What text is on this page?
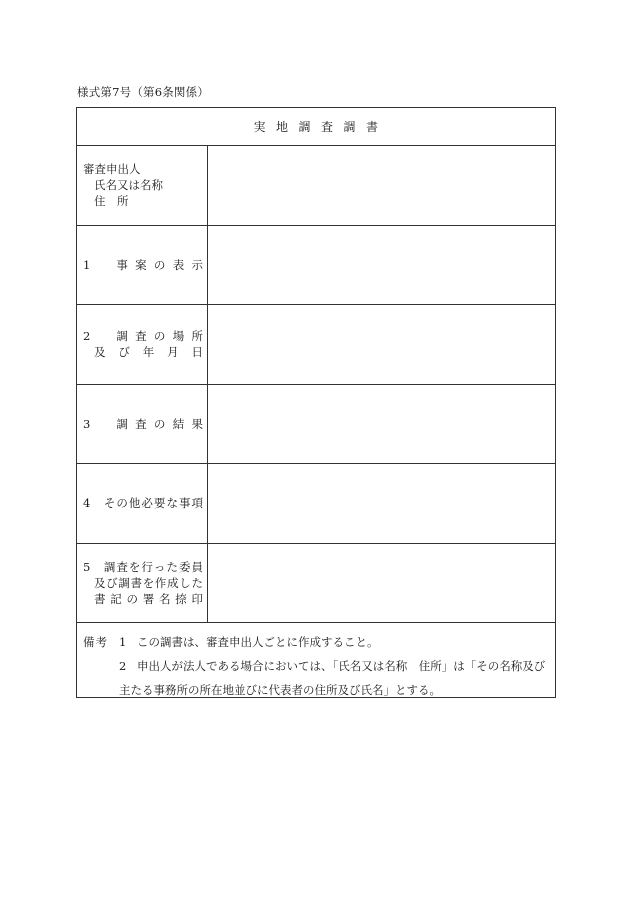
様式第7号（第6条関係）
実地調査調書
審査申出人
氏名又は名称
住　所
1　事案の表示
2　調査の場所
及び年月日
3　調査の結果
4　その他必要な事項
5　調査を行った委員
及び調書を作成した
書記の署名捺印
備考 1 この調書は、審査申出人ごとに作成すること。
2 申出人が法人である場合においては、「氏名又は名称　住所」は「その名称及び
主たる事務所の所在地並びに代表者の住所及び氏名」とする。
